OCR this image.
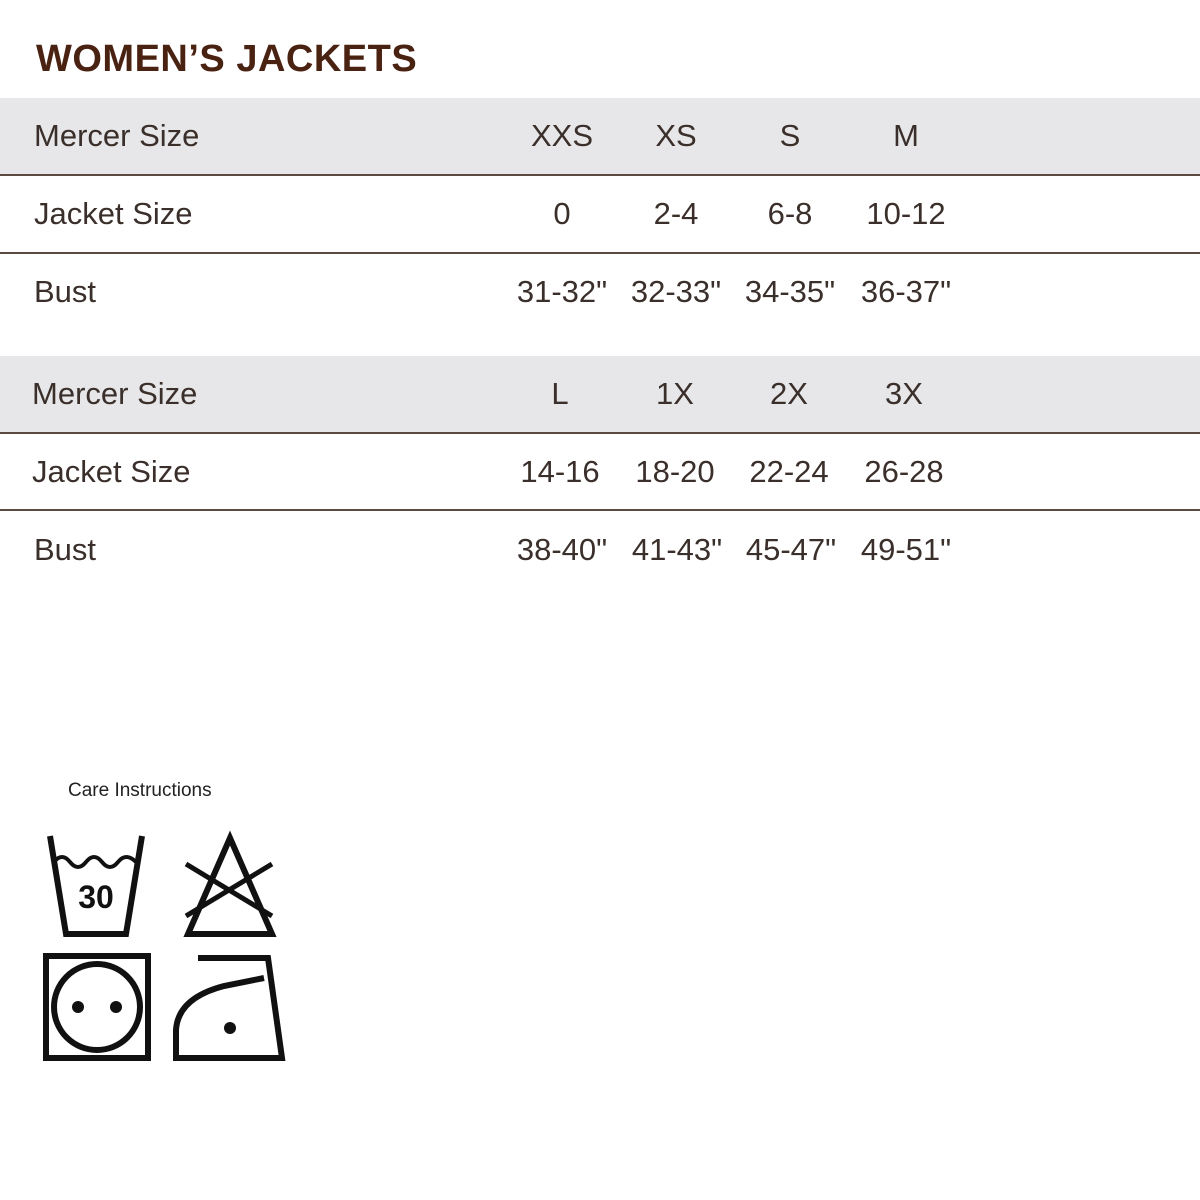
WOMEN’S JACKETS
Mercer Size	XXS	XS	S	M
Jacket Size	0	2-4	6-8	10-12
Bust	31-32" 32-33" 34-35" 36-37"
Mercer Size	L	1X	2X	3X
Jacket Size	14-16	18-20	22-24	26-28
Bust	38-40" 41-43" 45-47" 49-51"
Care Instructions
30
